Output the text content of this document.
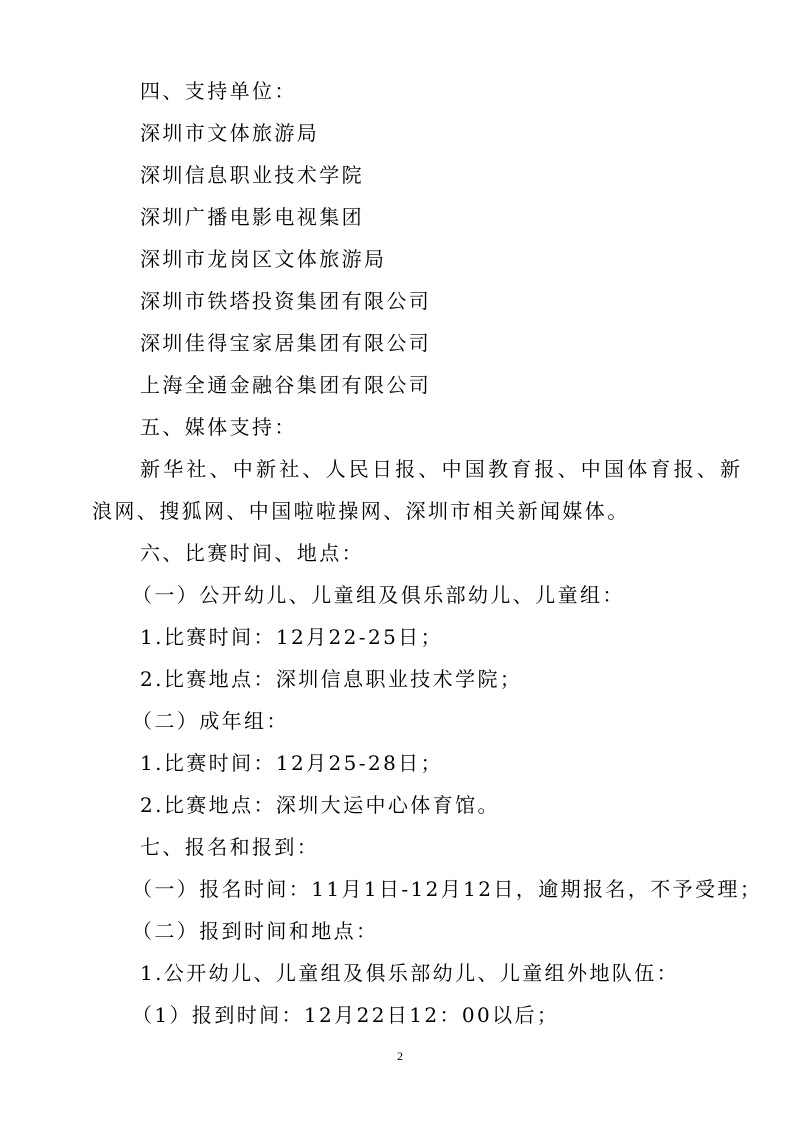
四、支持单位：
深圳市文体旅游局
深圳信息职业技术学院
深圳广播电影电视集团
深圳市龙岗区文体旅游局
深圳市铁塔投资集团有限公司
深圳佳得宝家居集团有限公司
上海全通金融谷集团有限公司
五、媒体支持：
新华社、中新社、人民日报、中国教育报、中国体育报、新
浪网、搜狐网、中国啦啦操网、深圳市相关新闻媒体。
六、比赛时间、地点：
（一）公开幼儿、儿童组及俱乐部幼儿、儿童组：
1.比赛时间：12月22-25日；
2.比赛地点：深圳信息职业技术学院；
（二）成年组：
1.比赛时间：12月25-28日；
2.比赛地点：深圳大运中心体育馆。
七、报名和报到：
（一）报名时间：11月1日-12月12日，逾期报名，不予受理；
（二）报到时间和地点：
1.公开幼儿、儿童组及俱乐部幼儿、儿童组外地队伍：
（1）报到时间：12月22日12：00以后；
2
